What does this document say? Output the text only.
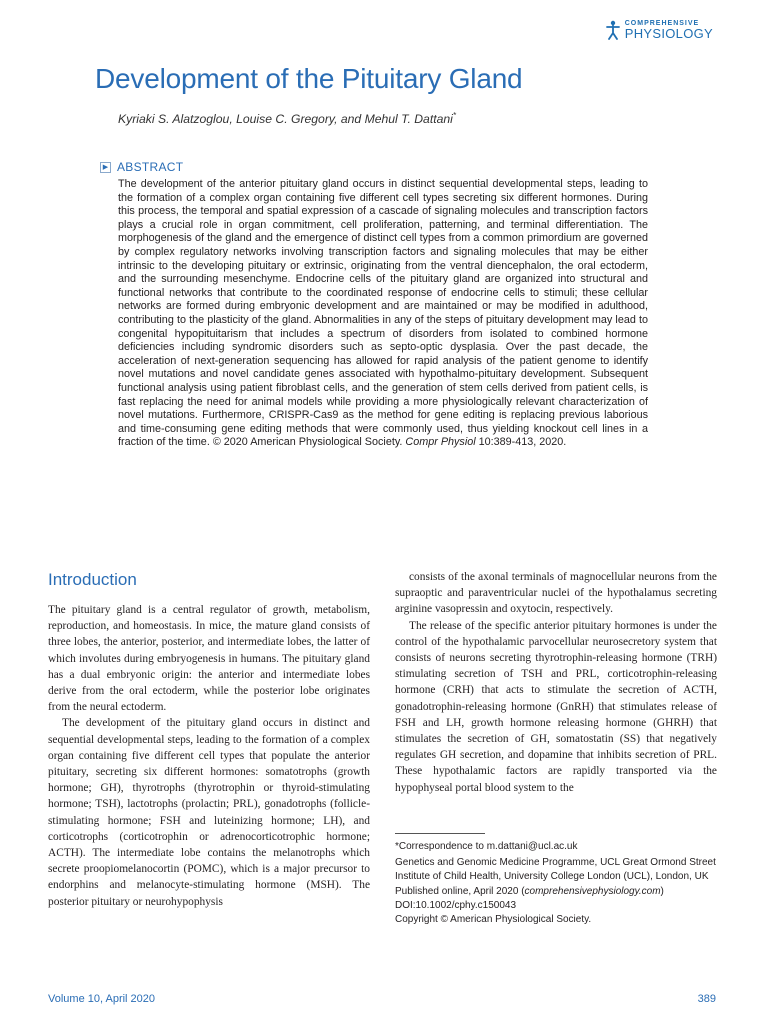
COMPREHENSIVE
PHYSIOLOGY
Development of the Pituitary Gland
Kyriaki S. Alatzoglou, Louise C. Gregory, and Mehul T. Dattani*
▶ ABSTRACT

The development of the anterior pituitary gland occurs in distinct sequential developmental steps, leading to the formation of a complex organ containing five different cell types secreting six different hormones. During this process, the temporal and spatial expression of a cascade of signaling molecules and transcription factors plays a crucial role in organ commitment, cell proliferation, patterning, and terminal differentiation. The morphogenesis of the gland and the emergence of distinct cell types from a common primordium are governed by complex regulatory networks involving transcription factors and signaling molecules that may be either intrinsic to the developing pituitary or extrinsic, originating from the ventral diencephalon, the oral ectoderm, and the surrounding mesenchyme. Endocrine cells of the pituitary gland are organized into structural and functional networks that contribute to the coordinated response of endocrine cells to stimuli; these cellular networks are formed during embryonic development and are maintained or may be modified in adulthood, contributing to the plasticity of the gland. Abnormalities in any of the steps of pituitary development may lead to congenital hypopituitarism that includes a spectrum of disorders from isolated to combined hormone deficiencies including syndromic disorders such as septo-optic dysplasia. Over the past decade, the acceleration of next-generation sequencing has allowed for rapid analysis of the patient genome to identify novel mutations and novel candidate genes associated with hypothalmo-pituitary development. Subsequent functional analysis using patient fibroblast cells, and the generation of stem cells derived from patient cells, is fast replacing the need for animal models while providing a more physiologically relevant characterization of novel mutations. Furthermore, CRISPR-Cas9 as the method for gene editing is replacing previous laborious and time-consuming gene editing methods that were commonly used, thus yielding knockout cell lines in a fraction of the time. © 2020 American Physiological Society. Compr Physiol 10:389-413, 2020.

Introduction

The pituitary gland is a central regulator of growth, metabolism, reproduction, and homeostasis. In mice, the mature gland consists of three lobes, the anterior, posterior, and intermediate lobes, the latter of which involutes during embryogenesis in humans. The pituitary gland has a dual embryonic origin: the anterior and intermediate lobes derive from the oral ectoderm, while the posterior lobe originates from the neural ectoderm.

The development of the pituitary gland occurs in distinct and sequential developmental steps, leading to the formation of a complex organ containing five different cell types that populate the anterior pituitary, secreting six different hormones: somatotrophs (growth hormone; GH), thyrotrophs (thyrotrophin or thyroid-stimulating hormone; TSH), lactotrophs (prolactin; PRL), gonadotrophs (follicle-stimulating hormone; FSH and luteinizing hormone; LH), and corticotrophs (corticotrophin or adrenocorticotrophic hormone; ACTH). The intermediate lobe contains the melanotrophs which secrete proopiomelanocortin (POMC), which is a major precursor to endorphins and melanocyte-stimulating hormone (MSH). The posterior pituitary or neurohypophysis

consists of the axonal terminals of magnocellular neurons from the supraoptic and paraventricular nuclei of the hypothalamus secreting arginine vasopressin and oxytocin, respectively.

The release of the specific anterior pituitary hormones is under the control of the hypothalamic parvocellular neurosecretory system that consists of neurons secreting thyrotrophin-releasing hormone (TRH) stimulating secretion of TSH and PRL, corticotrophin-releasing hormone (CRH) that acts to stimulate the secretion of ACTH, gonadotrophin-releasing hormone (GnRH) that stimulates release of FSH and LH, growth hormone releasing hormone (GHRH) that stimulates the secretion of GH, somatostatin (SS) that negatively regulates GH secretion, and dopamine that inhibits secretion of PRL. These hypothalamic factors are rapidly transported via the hypophyseal portal blood system to the

*Correspondence to m.dattani@ucl.ac.uk
Genetics and Genomic Medicine Programme, UCL Great Ormond Street Institute of Child Health, University College London (UCL), London, UK
Published online, April 2020 (comprehensivephysiology.com)
DOI:10.1002/cphy.c150043
Copyright © American Physiological Society.
Volume 10, April 2020	389
